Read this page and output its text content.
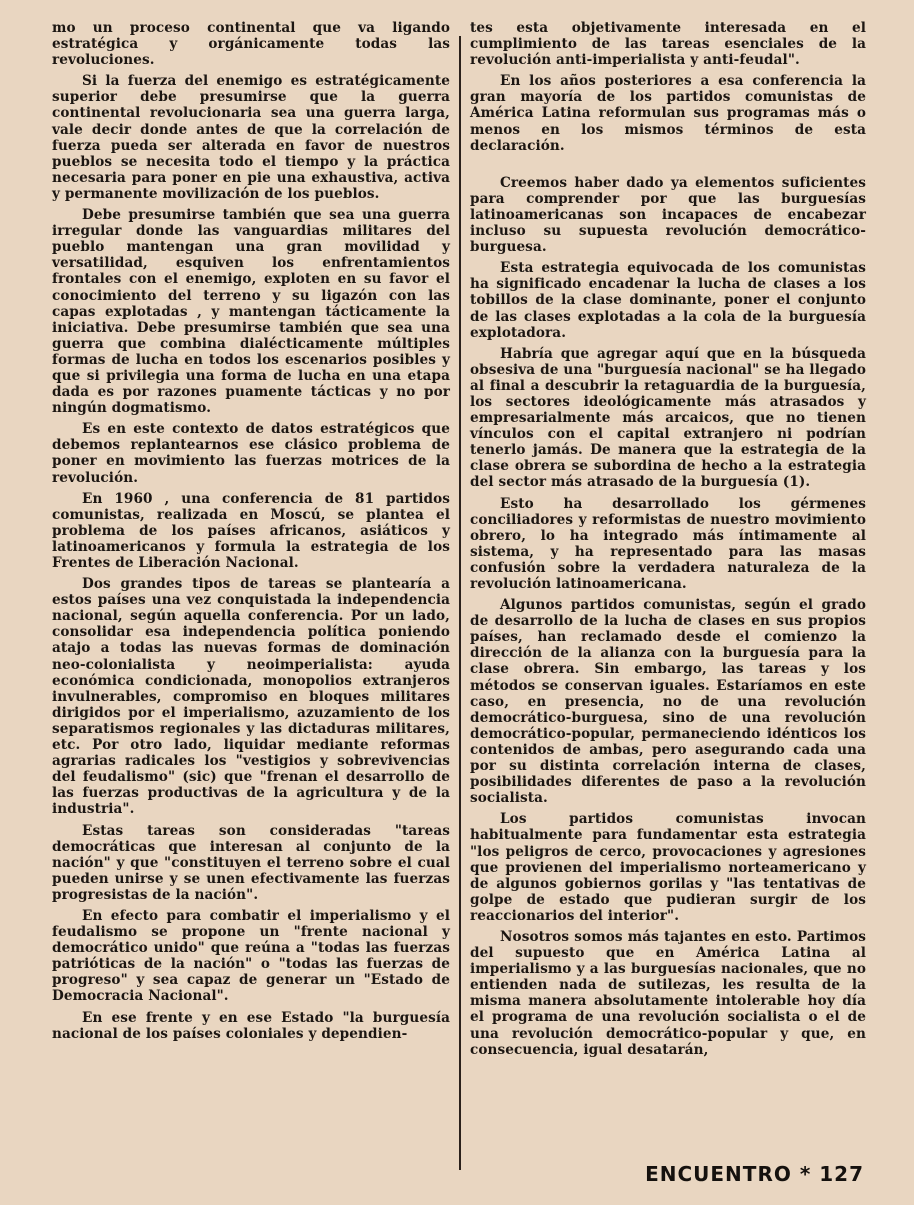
mo un proceso continental que va ligando estratégica y orgánicamente todas las revoluciones.

Si la fuerza del enemigo es estratégicamente superior debe presumirse que la guerra continental revolucionaria sea una guerra larga, vale decir donde antes de que la correlación de fuerza pueda ser alterada en favor de nuestros pueblos se necesita todo el tiempo y la práctica necesaria para poner en pie una exhaustiva, activa y permanente movilización de los pueblos.

Debe presumirse también que sea una guerra irregular donde las vanguardias militares del pueblo mantengan una gran movilidad y versatilidad, esquiven los enfrentamientos frontales con el enemigo, exploten en su favor el conocimiento del terreno y su ligazón con las capas explotadas , y mantengan tácticamente la iniciativa. Debe presumirse también que sea una guerra que combina dialécticamente múltiples formas de lucha en todos los escenarios posibles y que si privilegia una forma de lucha en una etapa dada es por razones puamente tácticas y no por ningún dogmatismo.

Es en este contexto de datos estratégicos que debemos replantearnos ese clásico problema de poner en movimiento las fuerzas motrices de la revolución.

En 1960 , una conferencia de 81 partidos comunistas, realizada en Moscú, se plantea el problema de los países africanos, asiáticos y latinoamericanos y formula la estrategia de los Frentes de Liberación Nacional.

Dos grandes tipos de tareas se plantearía a estos países una vez conquistada la independencia nacional, según aquella conferencia. Por un lado, consolidar esa independencia política poniendo atajo a todas las nuevas formas de dominación neo-colonialista y neoimperialista: ayuda económica condicionada, monopolios extranjeros invulnerables, compromiso en bloques militares dirigidos por el imperialismo, azuzamiento de los separatismos regionales y las dictaduras militares, etc. Por otro lado, liquidar mediante reformas agrarias radicales los "vestigios y sobrevivencias del feudalismo" (sic) que "frenan el desarrollo de las fuerzas productivas de la agricultura y de la industria".

Estas tareas son consideradas "tareas democráticas que interesan al conjunto de la nación" y que "constituyen el terreno sobre el cual pueden unirse y se unen efectivamente las fuerzas progresistas de la nación".

En efecto para combatir el imperialismo y el feudalismo se propone un "frente nacional y democrático unido" que reúna a "todas las fuerzas patrióticas de la nación" o "todas las fuerzas de progreso" y sea capaz de generar un "Estado de Democracia Nacional".

En ese frente y en ese Estado "la burguesía nacional de los países coloniales y dependien-

tes esta objetivamente interesada en el cumplimiento de las tareas esenciales de la revolución anti-imperialista y anti-feudal".

En los años posteriores a esa conferencia la gran mayoría de los partidos comunistas de América Latina reformulan sus programas más o menos en los mismos términos de esta declaración.

Creemos haber dado ya elementos suficientes para comprender por que las burguesías latinoamericanas son incapaces de encabezar incluso su supuesta revolución democrático-burguesa.

Esta estrategia equivocada de los comunistas ha significado encadenar la lucha de clases a los tobillos de la clase dominante, poner el conjunto de las clases explotadas a la cola de la burguesía explotadora.

Habría que agregar aquí que en la búsqueda obsesiva de una "burguesía nacional" se ha llegado al final a descubrir la retaguardia de la burguesía, los sectores ideológicamente más atrasados y empresarialmente más arcaicos, que no tienen vínculos con el capital extranjero ni podrían tenerlo jamás. De manera que la estrategia de la clase obrera se subordina de hecho a la estrategia del sector más atrasado de la burguesía (1).

Esto ha desarrollado los gérmenes conciliadores y reformistas de nuestro movimiento obrero, lo ha integrado más íntimamente al sistema, y ha representado para las masas confusión sobre la verdadera naturaleza de la revolución latinoamericana.

Algunos partidos comunistas, según el grado de desarrollo de la lucha de clases en sus propios países, han reclamado desde el comienzo la dirección de la alianza con la burguesía para la clase obrera. Sin embargo, las tareas y los métodos se conservan iguales. Estaríamos en este caso, en presencia, no de una revolución democrático-burguesa, sino de una revolución democrático-popular, permaneciendo idénticos los contenidos de ambas, pero asegurando cada una por su distinta correlación interna de clases, posibilidades diferentes de paso a la revolución socialista.

Los partidos comunistas invocan habitualmente para fundamentar esta estrategia "los peligros de cerco, provocaciones y agresiones que provienen del imperialismo norteamericano y de algunos gobiernos gorilas y "las tentativas de golpe de estado que pudieran surgir de los reaccionarios del interior".

Nosotros somos más tajantes en esto. Partimos del supuesto que en América Latina al imperialismo y a las burguesías nacionales, que no entienden nada de sutilezas, les resulta de la misma manera absolutamente intolerable hoy día el programa de una revolución socialista o el de una revolución democrático-popular y que, en consecuencia, igual desatarán,

ENCUENTRO * 127
